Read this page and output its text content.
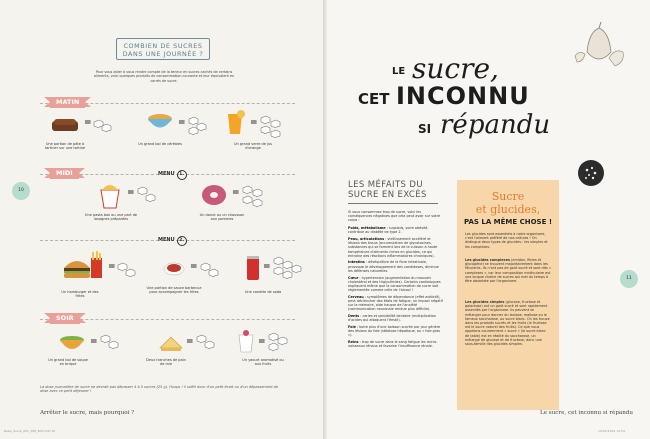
Bebe_Sucre_001_188_BAT.indd 10
COMBIEN DE SUCRES
DANS UNE JOURNÉE ?
Pour vous aider à vous rendre compte de la teneur en sucres cachés de certains aliments, voici quelques produits de consommation courante et leur équivalent en carrés de sucre.
MATIN
=
Une portion de pâte à tartiner sur une tartine
=
Un grand bol de céréales
=
Un grand verre de jus d'orange
MIDI	MENU 1.
=
Une pasta box ou une part de lasagnes préparées
=
Un donut ou un chausson aux pommes
MENU 2.
=
Un hamburger et des frites
=
Une portion de sauce barbecue pour accompagner les frites
=
Une canette de soda
SOIR
=
Un grand bol de soupe en brique
=
Deux tranches de pain de mie
=
Un yaourt aromatisé ou aux fruits
La dose journalière de sucre ne devrait pas dépasser 4 à 5 sucres (25 g). Hoops ! il suffit donc d'un petit écart ou d'un dépassement de dose avec ce petit déjeuner !
Arrêter le sucre, mais pourquoi ?
10
LE sucre,
CET INCONNU
SI répandu
LES MÉFAITS DU SUCRE EN EXCÈS
Si vous consommez trop de sucre, voici les conséquences négatives que cela peut avoir sur votre corps :

Poids, métabolisme : surpoids, voire obésité, contribue au diabète de type 2.

Peau, articulations : vieillissement accéléré et lésions des tissus (accumulation de glycotoxines, substances qui se forment lors de la cuisson à haute température d'aliments riches en glucides, ce qui entraîne des réactions inflammatoires chroniques).

Intestins : déséquilibre de la flore intestinale, provoque le développement des candidoses, diminue les défenses naturelles.

Cœur : hypertension (augmentation du mauvais cholestérol et des triglycérides). Certains cardiologues expliquent même que la consommation de sucre soit réglementée comme celle de l'alcool !

Cerveau : symptômes de dépendance (effet addictif), peut déclencher des états de fatigue, un impact négatif sur la mémoire, aide hausse de l'anxiété (communication neuronale rendue plus difficile).

Dents : caries et sensibilité dentaire (multiplication d'acides qui attaquent l'émail).

Foie : boire plus d'une boisson sucrée par jour génère des lésions du foie (stéatose hépatique, ou « foie gras »).

Reins : trop de sucre dans le sang fatigue les micro-vaisseaux rénaux et favorise l'insuffisance rénale.

Sucre
et glucides,
PAS LA MÊME CHOSE !
Les glucides sont essentiels à notre organisme, c'est l'aliment préféré de nos cellules ! On distingue deux types de glucides : les simples et les complexes.
Les glucides complexes (amidon, fibres et glycogène) se trouvent majoritairement dans les féculents. Ils n'ont pas de goût sucré et sont dits « complexes », car leur composition moléculaire est une longue chaîne de sucres qui met du temps à être absorbée par l'organisme.
Les glucides simples (glucose, fructose et galactose) ont un goût sucré et sont rapidement assimilés par l'organisme. Ils peuvent se mélanger pour donner du lactose, maltose ou le fameux saccharose, ou sucre blanc. On les trouve dans les produits sucrés et les fruits (le fructose est le sucre naturel des fruits). Ce que nous appelons couramment « sucre » (le sucre blanc de table) est en réalité du saccharose, un mélange de glucose et de fructose, donc une sous-famille des glucides simples.
11
Le sucre, cet inconnu si répandu
10/01/2019 14:54
